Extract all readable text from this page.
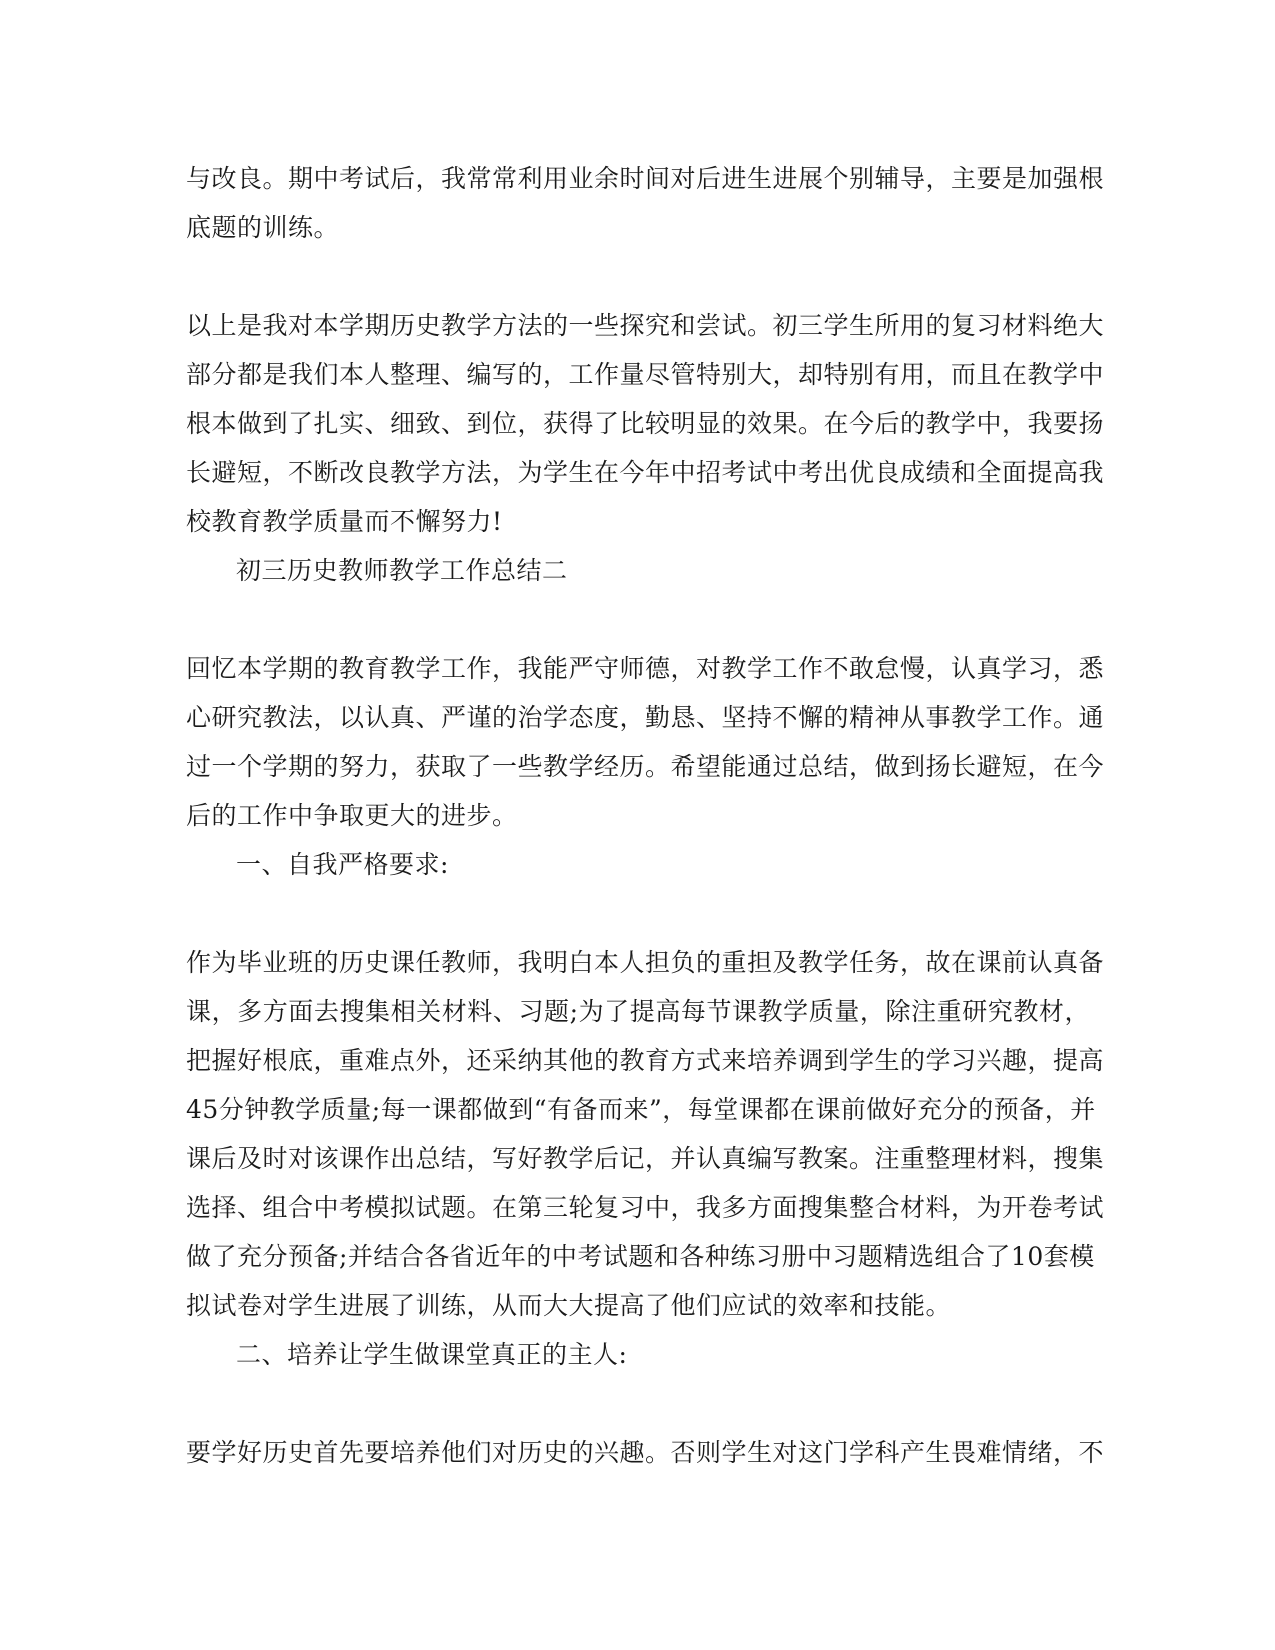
与改良。期中考试后，我常常利用业余时间对后进生进展个别辅导，主要是加强根
底题的训练。
以上是我对本学期历史教学方法的一些探究和尝试。初三学生所用的复习材料绝大
部分都是我们本人整理、编写的，工作量尽管特别大，却特别有用，而且在教学中
根本做到了扎实、细致、到位，获得了比较明显的效果。在今后的教学中，我要扬
长避短，不断改良教学方法，为学生在今年中招考试中考出优良成绩和全面提高我
校教育教学质量而不懈努力!
初三历史教师教学工作总结二
回忆本学期的教育教学工作，我能严守师德，对教学工作不敢怠慢，认真学习，悉
心研究教法，以认真、严谨的治学态度，勤恳、坚持不懈的精神从事教学工作。通
过一个学期的努力，获取了一些教学经历。希望能通过总结，做到扬长避短，在今
后的工作中争取更大的进步。
一、自我严格要求:
作为毕业班的历史课任教师，我明白本人担负的重担及教学任务，故在课前认真备
课，多方面去搜集相关材料、习题;为了提高每节课教学质量，除注重研究教材，
把握好根底，重难点外，还采纳其他的教育方式来培养调到学生的学习兴趣，提高
45分钟教学质量;每一课都做到“有备而来”，每堂课都在课前做好充分的预备，并
课后及时对该课作出总结，写好教学后记，并认真编写教案。注重整理材料，搜集
选择、组合中考模拟试题。在第三轮复习中，我多方面搜集整合材料，为开卷考试
做了充分预备;并结合各省近年的中考试题和各种练习册中习题精选组合了10套模
拟试卷对学生进展了训练，从而大大提高了他们应试的效率和技能。
二、培养让学生做课堂真正的主人:
要学好历史首先要培养他们对历史的兴趣。否则学生对这门学科产生畏难情绪，不
